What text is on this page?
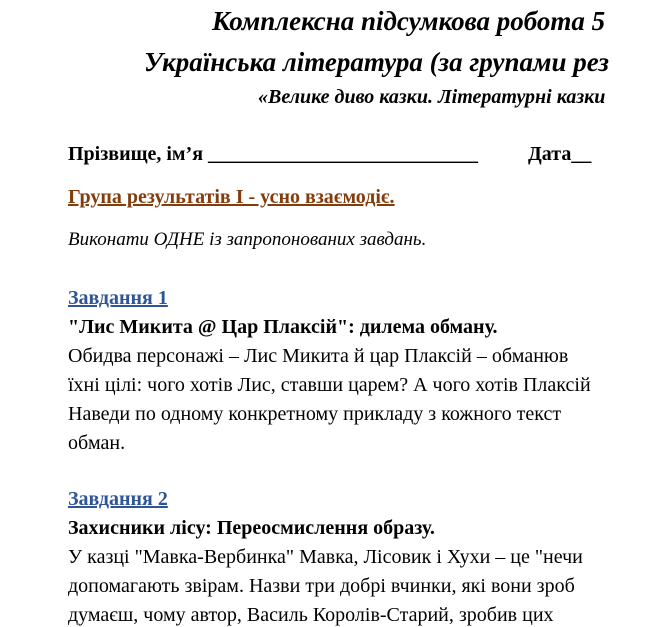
Комплексна підсумкова робота 5
Українська література (за групами рез
«Велике диво казки. Літературні казки
Прізвище, ім’я ___________________________	Дата__
Група результатів І - усно взаємодіє.
Виконати ОДНЕ із запропонованих завдань.
Завдання 1
"Лис Микита @ Цар Плаксій": дилема обману.
Обидва персонажі – Лис Микита й цар Плаксій – обманюв
їхні цілі: чого хотів Лис, ставши царем? А чого хотів Плаксій
Наведи по одному конкретному прикладу з кожного текст
обман.
Завдання 2
Захисники лісу: Переосмислення образу.
У казці "Мавка-Вербинка" Мавка, Лісовик і Хухи – це "нечи
допомагають звірам. Назви три добрі вчинки, які вони зроб
думаєш, чому автор, Василь Королів-Старий, зробив цих
